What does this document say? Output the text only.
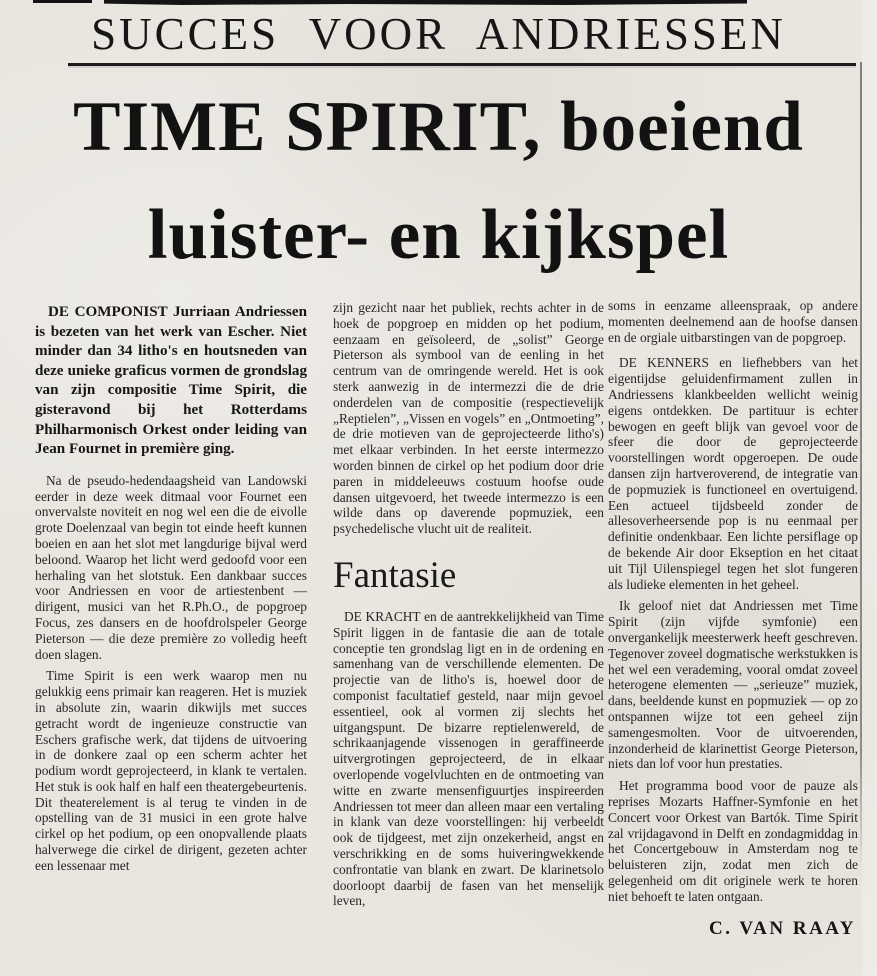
SUCCES VOOR ANDRIESSEN
TIME SPIRIT, boeiend
luister- en kijkspel

DE COMPONIST Jurriaan Andriessen is bezeten van het werk van Escher. Niet minder dan 34 litho's en houtsneden van deze unieke graficus vormen de grondslag van zijn compositie Time Spirit, die gisteravond bij het Rotterdams Philharmonisch Orkest onder leiding van Jean Fournet in première ging.

Na de pseudo-hedendaagsheid van Landowski eerder in deze week ditmaal voor Fournet een onvervalste noviteit en nog wel een die de eivolle grote Doelenzaal van begin tot einde heeft kunnen boeien en aan het slot met langdurige bijval werd beloond. Waarop het licht werd gedoofd voor een herhaling van het slotstuk. Een dankbaar succes voor Andriessen en voor de artiestenbent — dirigent, musici van het R.Ph.O., de popgroep Focus, zes dansers en de hoofdrolspeler George Pieterson — die deze première zo volledig heeft doen slagen.

Time Spirit is een werk waarop men nu gelukkig eens primair kan reageren. Het is muziek in absolute zin, waarin dikwijls met succes getracht wordt de ingenieuze constructie van Eschers grafische werk, dat tijdens de uitvoering in de donkere zaal op een scherm achter het podium wordt geprojecteerd, in klank te vertalen. Het stuk is ook half en half een theatergebeurtenis. Dit theaterelement is al terug te vinden in de opstelling van de 31 musici in een grote halve cirkel op het podium, op een onopvallende plaats halverwege die cirkel de dirigent, gezeten achter een lessenaar met

zijn gezicht naar het publiek, rechts achter in de hoek de popgroep en midden op het podium, eenzaam en geïsoleerd, de „solist” George Pieterson als symbool van de eenling in het centrum van de omringende wereld. Het is ook sterk aanwezig in de intermezzi die de drie onderdelen van de compositie (respectievelijk „Reptielen”, „Vissen en vogels” en „Ontmoeting”, de drie motieven van de geprojecteerde litho's) met elkaar verbinden. In het eerste intermezzo worden binnen de cirkel op het podium door drie paren in middeleeuws costuum hoofse oude dansen uitgevoerd, het tweede intermezzo is een wilde dans op daverende popmuziek, een psychedelische vlucht uit de realiteit.

Fantasie

DE KRACHT en de aantrekkelijkheid van Time Spirit liggen in de fantasie die aan de totale conceptie ten grondslag ligt en in de ordening en samenhang van de verschillende elementen. De projectie van de litho's is, hoewel door de componist facultatief gesteld, naar mijn gevoel essentieel, ook al vormen zij slechts het uitgangspunt. De bizarre reptielenwereld, de schrikaanjagende vissenogen in geraffineerde uitvergrotingen geprojecteerd, de in elkaar overlopende vogelvluchten en de ontmoeting van witte en zwarte mensenfiguurtjes inspireerden Andriessen tot meer dan alleen maar een vertaling in klank van deze voorstellingen: hij verbeeldt ook de tijdgeest, met zijn onzekerheid, angst en verschrikking en de soms huiveringwekkende confrontatie van blank en zwart. De klarinetsolo doorloopt daarbij de fasen van het menselijk leven,

soms in eenzame alleenspraak, op andere momenten deelnemend aan de hoofse dansen en de orgiale uitbarstingen van de popgroep.

DE KENNERS en liefhebbers van het eigentijdse geluidenfirmament zullen in Andriessens klankbeelden wellicht weinig eigens ontdekken. De partituur is echter bewogen en geeft blijk van gevoel voor de sfeer die door de geprojecteerde voorstellingen wordt opgeroepen. De oude dansen zijn hartveroverend, de integratie van de popmuziek is functioneel en overtuigend. Een actueel tijdsbeeld zonder de allesoverheersende pop is nu eenmaal per definitie ondenkbaar. Een lichte persiflage op de bekende Air door Ekseption en het citaat uit Tijl Uilenspiegel tegen het slot fungeren als ludieke elementen in het geheel.

Ik geloof niet dat Andriessen met Time Spirit (zijn vijfde symfonie) een onvergankelijk meesterwerk heeft geschreven. Tegenover zoveel dogmatische werkstukken is het wel een verademing, vooral omdat zoveel heterogene elementen — „serieuze” muziek, dans, beeldende kunst en popmuziek — op zo ontspannen wijze tot een geheel zijn samengesmolten. Voor de uitvoerenden, inzonderheid de klarinettist George Pieterson, niets dan lof voor hun prestaties.

Het programma bood voor de pauze als reprises Mozarts Haffner-Symfonie en het Concert voor Orkest van Bartók. Time Spirit zal vrijdagavond in Delft en zondagmiddag in het Concertgebouw in Amsterdam nog te beluisteren zijn, zodat men zich de gelegenheid om dit originele werk te horen niet behoeft te laten ontgaan.

C. VAN RAAY
